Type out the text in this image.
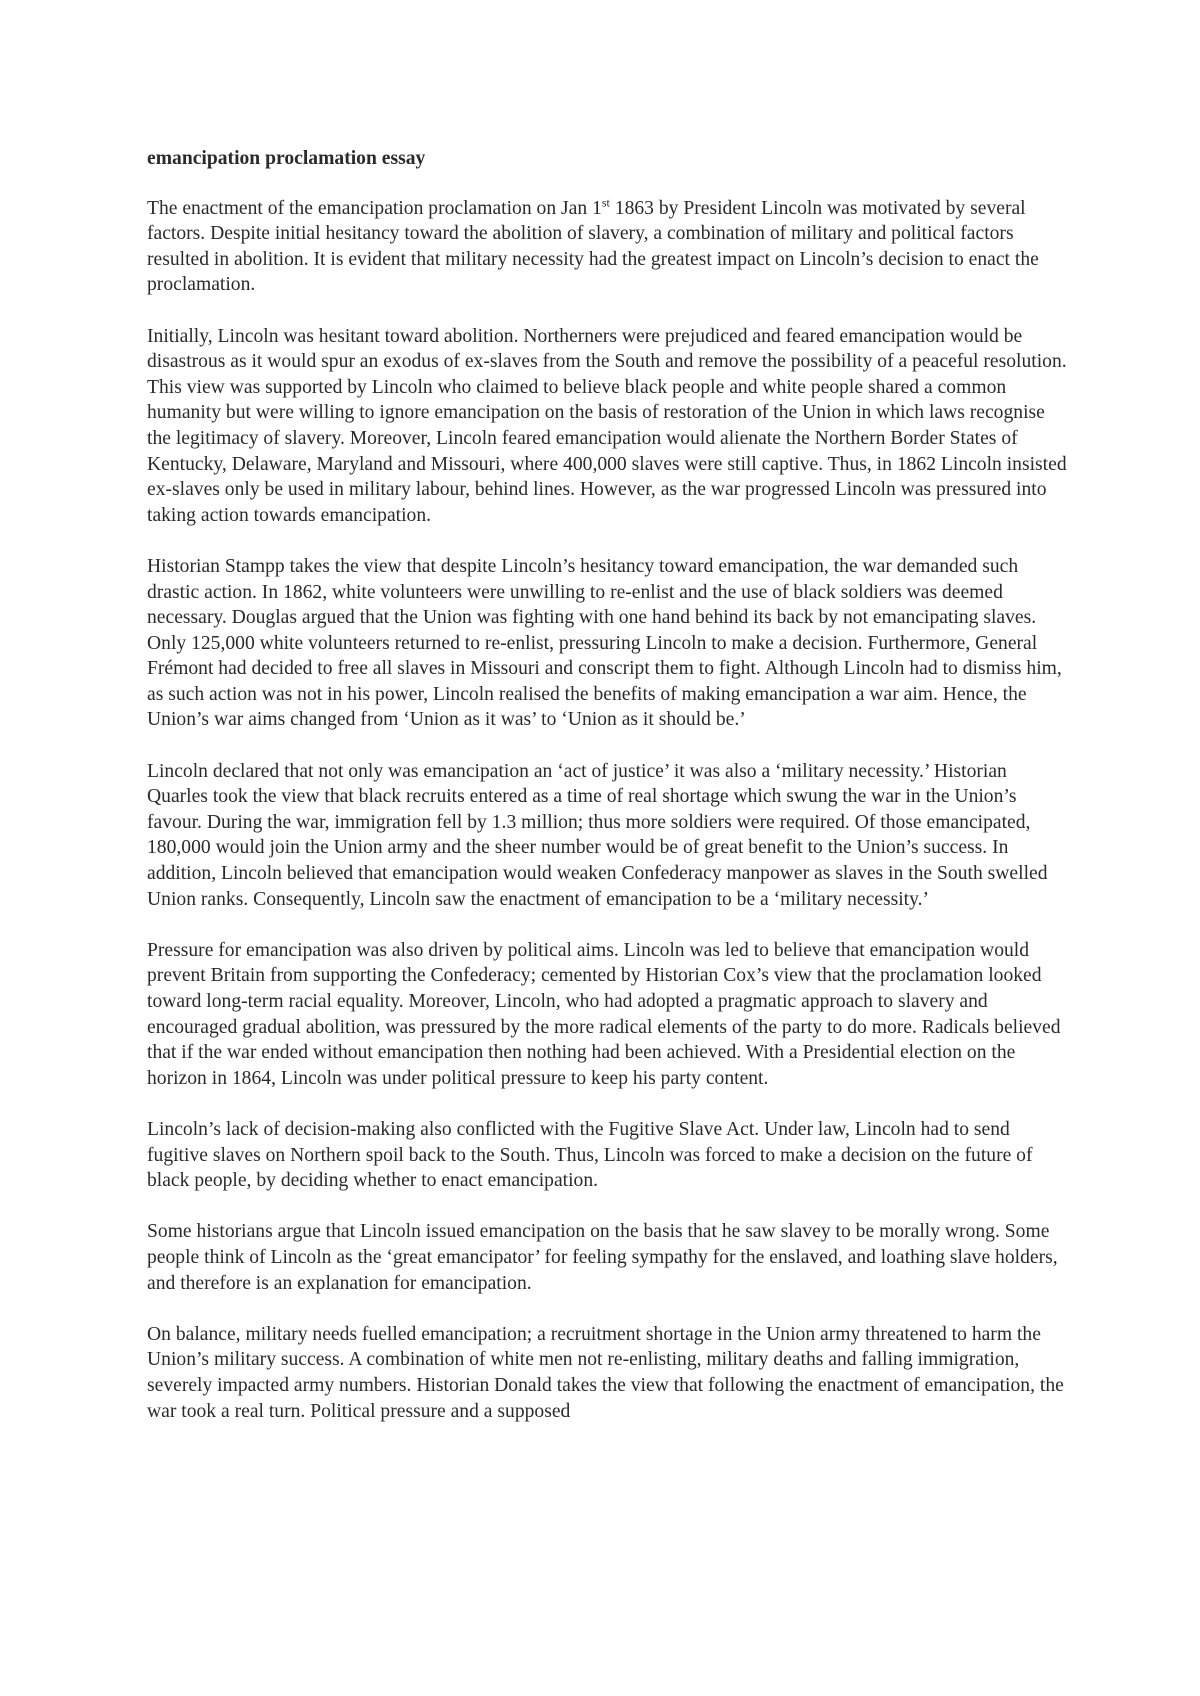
emancipation proclamation essay

The enactment of the emancipation proclamation on Jan 1st 1863 by President Lincoln was motivated by several factors. Despite initial hesitancy toward the abolition of slavery, a combination of military and political factors resulted in abolition. It is evident that military necessity had the greatest impact on Lincoln’s decision to enact the proclamation.

Initially, Lincoln was hesitant toward abolition. Northerners were prejudiced and feared emancipation would be disastrous as it would spur an exodus of ex-slaves from the South and remove the possibility of a peaceful resolution. This view was supported by Lincoln who claimed to believe black people and white people shared a common humanity but were willing to ignore emancipation on the basis of restoration of the Union in which laws recognise the legitimacy of slavery. Moreover, Lincoln feared emancipation would alienate the Northern Border States of Kentucky, Delaware, Maryland and Missouri, where 400,000 slaves were still captive. Thus, in 1862 Lincoln insisted ex-slaves only be used in military labour, behind lines. However, as the war progressed Lincoln was pressured into taking action towards emancipation.

Historian Stampp takes the view that despite Lincoln’s hesitancy toward emancipation, the war demanded such drastic action. In 1862, white volunteers were unwilling to re-enlist and the use of black soldiers was deemed necessary. Douglas argued that the Union was fighting with one hand behind its back by not emancipating slaves. Only 125,000 white volunteers returned to re-enlist, pressuring Lincoln to make a decision. Furthermore, General Frémont had decided to free all slaves in Missouri and conscript them to fight. Although Lincoln had to dismiss him, as such action was not in his power, Lincoln realised the benefits of making emancipation a war aim. Hence, the Union’s war aims changed from ‘Union as it was’ to ‘Union as it should be.’

Lincoln declared that not only was emancipation an ‘act of justice’ it was also a ‘military necessity.’ Historian Quarles took the view that black recruits entered as a time of real shortage which swung the war in the Union’s favour. During the war, immigration fell by 1.3 million; thus more soldiers were required. Of those emancipated, 180,000 would join the Union army and the sheer number would be of great benefit to the Union’s success. In addition, Lincoln believed that emancipation would weaken Confederacy manpower as slaves in the South swelled Union ranks. Consequently, Lincoln saw the enactment of emancipation to be a ‘military necessity.’

Pressure for emancipation was also driven by political aims. Lincoln was led to believe that emancipation would prevent Britain from supporting the Confederacy; cemented by Historian Cox’s view that the proclamation looked toward long-term racial equality. Moreover, Lincoln, who had adopted a pragmatic approach to slavery and encouraged gradual abolition, was pressured by the more radical elements of the party to do more. Radicals believed that if the war ended without emancipation then nothing had been achieved. With a Presidential election on the horizon in 1864, Lincoln was under political pressure to keep his party content.

Lincoln’s lack of decision-making also conflicted with the Fugitive Slave Act. Under law, Lincoln had to send fugitive slaves on Northern spoil back to the South. Thus, Lincoln was forced to make a decision on the future of black people, by deciding whether to enact emancipation.

Some historians argue that Lincoln issued emancipation on the basis that he saw slavey to be morally wrong. Some people think of Lincoln as the ‘great emancipator’ for feeling sympathy for the enslaved, and loathing slave holders, and therefore is an explanation for emancipation.

On balance, military needs fuelled emancipation; a recruitment shortage in the Union army threatened to harm the Union’s military success. A combination of white men not re-enlisting, military deaths and falling immigration, severely impacted army numbers. Historian Donald takes the view that following the enactment of emancipation, the war took a real turn. Political pressure and a supposed
